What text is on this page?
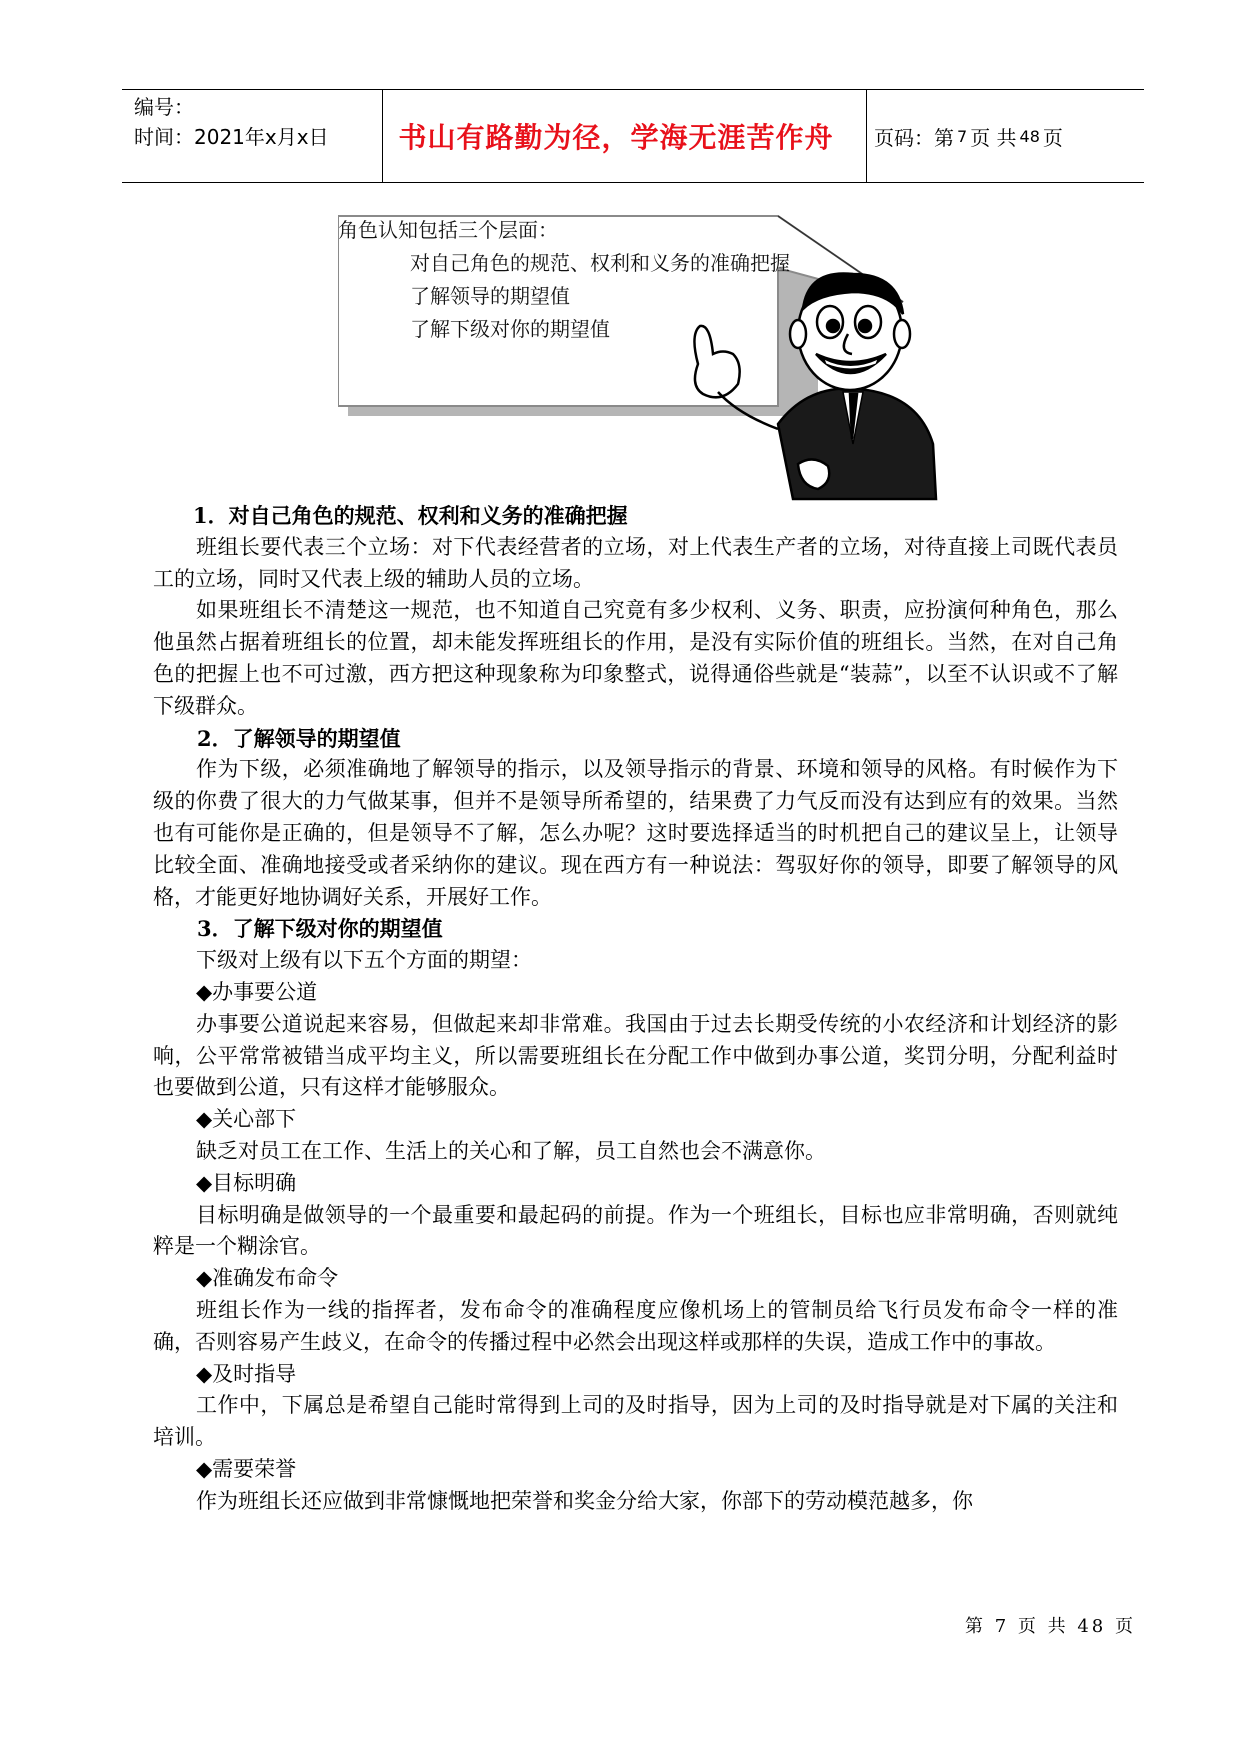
编号：
时间：2021年x月x日	书山有路勤为径，学海无涯苦作舟	页码：第 7 页 共 48 页
角色认知包括三个层面：
对自己角色的规范、权利和义务的准确把握
了解领导的期望值
了解下级对你的期望值

1．对自己角色的规范、权利和义务的准确把握

班组长要代表三个立场：对下代表经营者的立场，对上代表生产者的立场，对待直接上司既代表员工的立场，同时又代表上级的辅助人员的立场。

如果班组长不清楚这一规范，也不知道自己究竟有多少权利、义务、职责，应扮演何种角色，那么他虽然占据着班组长的位置，却未能发挥班组长的作用，是没有实际价值的班组长。当然，在对自己角色的把握上也不可过激，西方把这种现象称为印象整式，说得通俗些就是“装蒜”，以至不认识或不了解下级群众。

2．了解领导的期望值

作为下级，必须准确地了解领导的指示，以及领导指示的背景、环境和领导的风格。有时候作为下级的你费了很大的力气做某事，但并不是领导所希望的，结果费了力气反而没有达到应有的效果。当然也有可能你是正确的，但是领导不了解，怎么办呢？这时要选择适当的时机把自己的建议呈上，让领导比较全面、准确地接受或者采纳你的建议。现在西方有一种说法：驾驭好你的领导，即要了解领导的风格，才能更好地协调好关系，开展好工作。

3．了解下级对你的期望值

下级对上级有以下五个方面的期望：

◆办事要公道

办事要公道说起来容易，但做起来却非常难。我国由于过去长期受传统的小农经济和计划经济的影响，公平常常被错当成平均主义，所以需要班组长在分配工作中做到办事公道，奖罚分明，分配利益时也要做到公道，只有这样才能够服众。

◆关心部下

缺乏对员工在工作、生活上的关心和了解，员工自然也会不满意你。

◆目标明确

目标明确是做领导的一个最重要和最起码的前提。作为一个班组长，目标也应非常明确，否则就纯粹是一个糊涂官。

◆准确发布命令

班组长作为一线的指挥者，发布命令的准确程度应像机场上的管制员给飞行员发布命令一样的准确，否则容易产生歧义，在命令的传播过程中必然会出现这样或那样的失误，造成工作中的事故。

◆及时指导

工作中，下属总是希望自己能时常得到上司的及时指导，因为上司的及时指导就是对下属的关注和培训。

◆需要荣誉

作为班组长还应做到非常慷慨地把荣誉和奖金分给大家，你部下的劳动模范越多，你

第 7 页 共 48 页
